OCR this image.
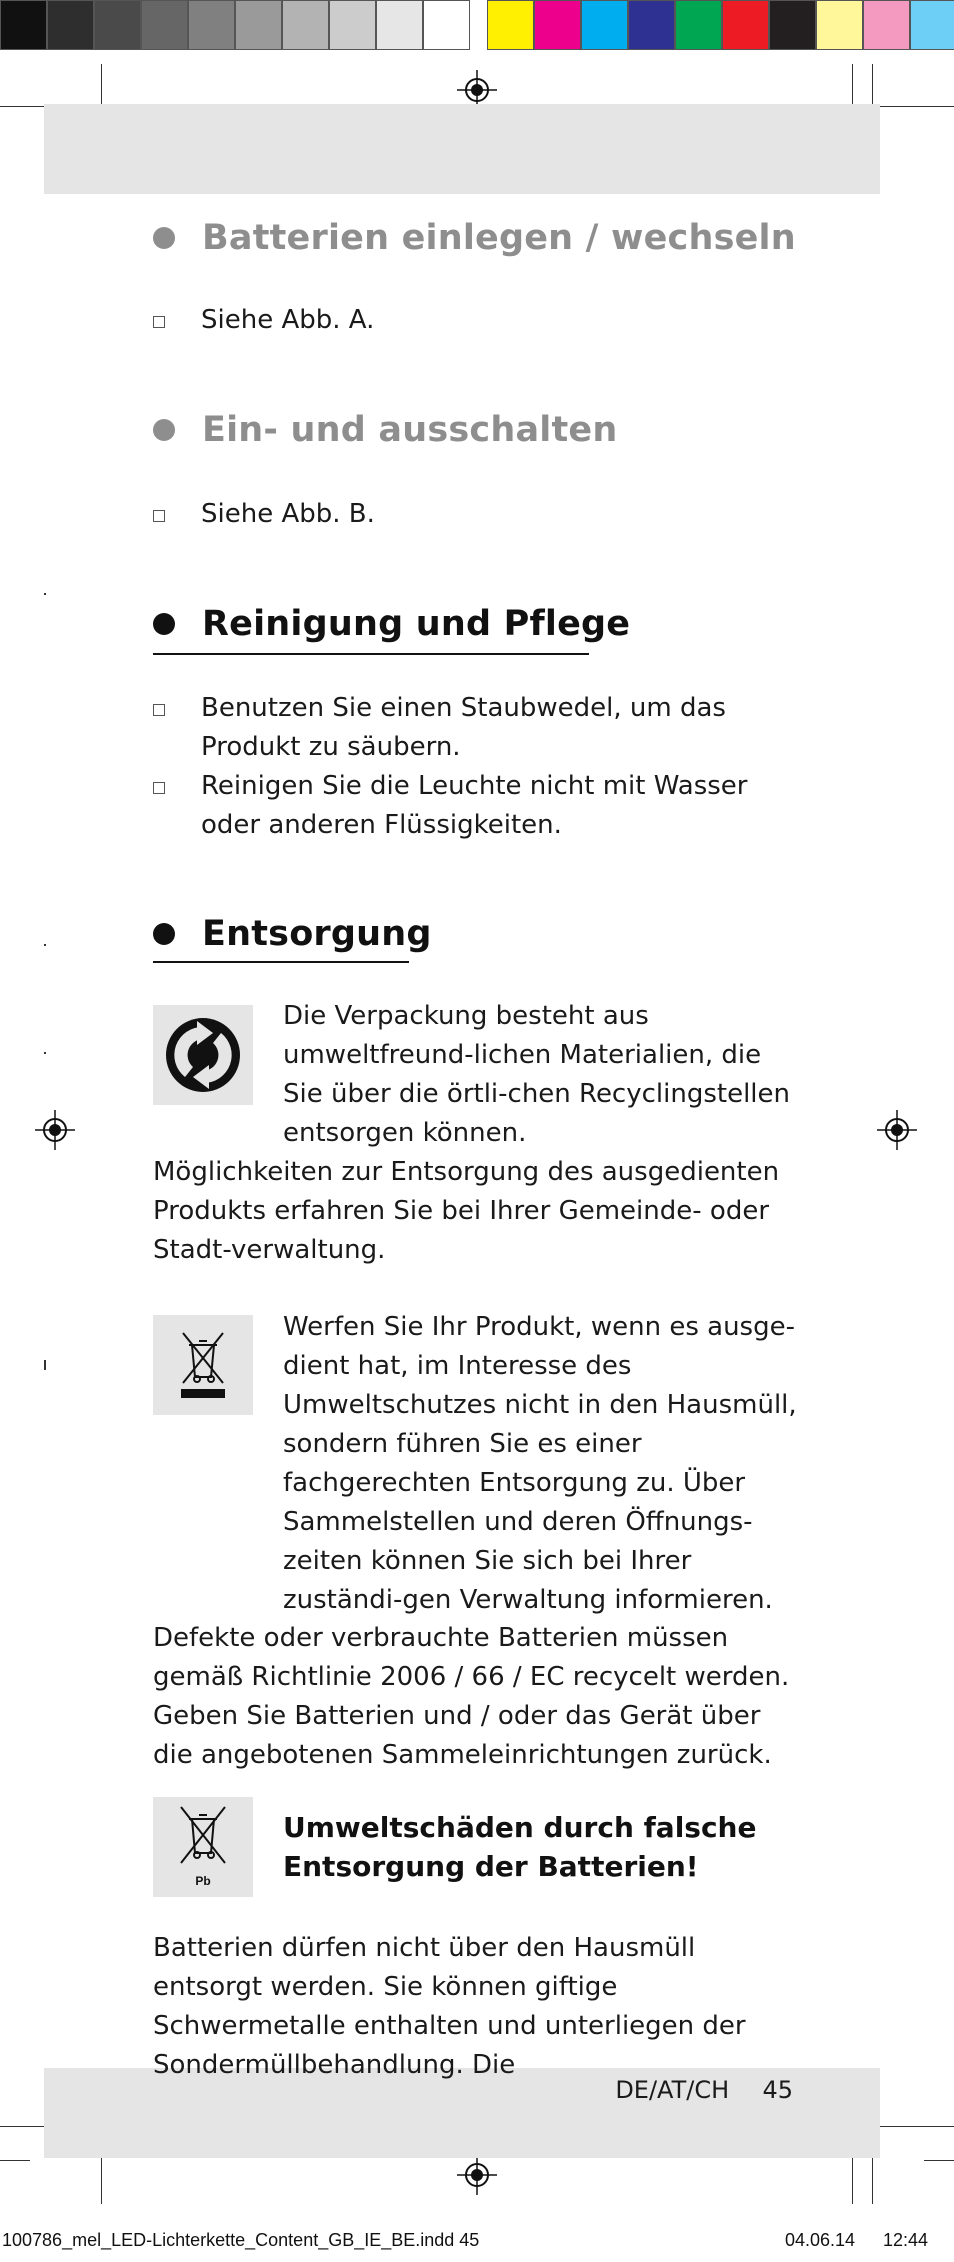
Batterien einlegen / wechseln
Siehe Abb. A.
Ein- und ausschalten
Siehe Abb. B.
Reinigung und Pflege
Benutzen Sie einen Staubwedel, um das Produkt zu säubern.
Reinigen Sie die Leuchte nicht mit Wasser oder anderen Flüssigkeiten.
Entsorgung
Die Verpackung besteht aus umweltfreund-lichen Materialien, die Sie über die örtli-chen Recyclingstellen entsorgen können.
Möglichkeiten zur Entsorgung des ausgedienten Produkts erfahren Sie bei Ihrer Gemeinde- oder Stadt-verwaltung.
Werfen Sie Ihr Produkt, wenn es ausge-dient hat, im Interesse des Umweltschutzes nicht in den Hausmüll, sondern führen Sie es einer fachgerechten Entsorgung zu. Über Sammelstellen und deren Öffnungs-zeiten können Sie sich bei Ihrer zuständi-gen Verwaltung informieren.
Defekte oder verbrauchte Batterien müssen gemäß Richtlinie 2006 / 66 / EC recycelt werden. Geben Sie Batterien und / oder das Gerät über die angebotenen Sammeleinrichtungen zurück.
Pb
Umweltschäden durch falsche Entsorgung der Batterien!
Batterien dürfen nicht über den Hausmüll entsorgt werden. Sie können giftige Schwermetalle enthalten und unterliegen der Sondermüllbehandlung. Die
DE/AT/CH 45
100786_mel_LED-Lichterkette_Content_GB_IE_BE.indd 45	04.06.14 12:44
